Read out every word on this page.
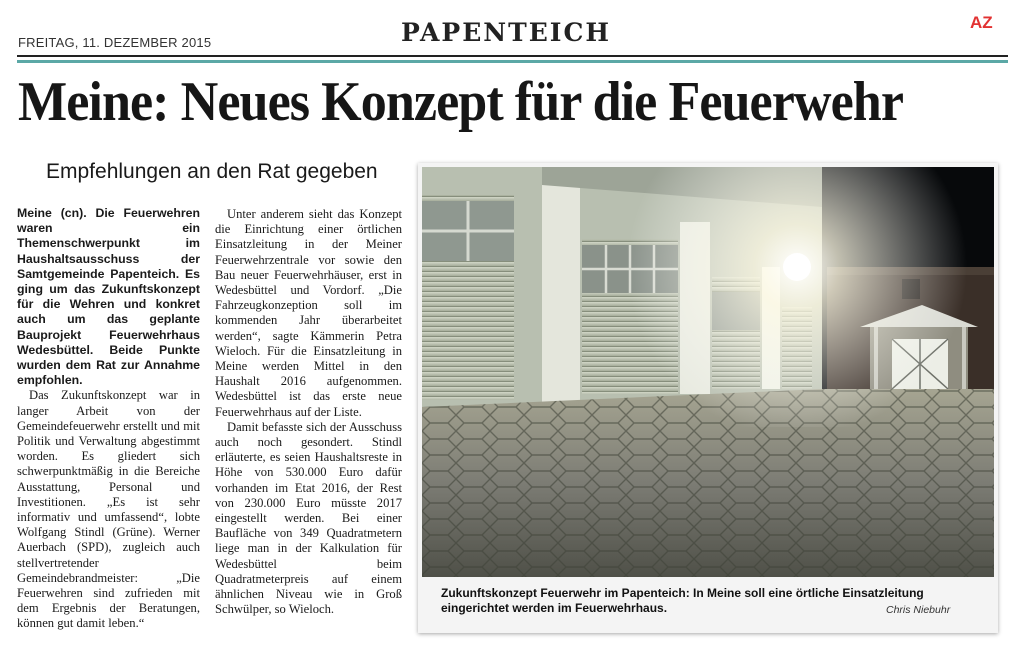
FREITAG, 11. DEZEMBER 2015	PAPENTEICH	AZ
Meine: Neues Konzept für die Feuerwehr
Empfehlungen an den Rat gegeben

Meine (cn). Die Feuerwehren waren ein Themenschwerpunkt im Haushaltsausschuss der Samtgemeinde Papenteich. Es ging um das Zukunftskonzept für die Wehren und konkret auch um das geplante Bauprojekt Feuerwehrhaus Wedesbüttel. Beide Punkte wurden dem Rat zur Annahme empfohlen.

Das Zukunftskonzept war in langer Arbeit von der Gemeindefeuerwehr erstellt und mit Politik und Verwaltung abgestimmt worden. Es gliedert sich schwerpunktmäßig in die Bereiche Ausstattung, Personal und Investitionen. „Es ist sehr informativ und umfassend“, lobte Wolfgang Stindl (Grüne). Werner Auerbach (SPD), zugleich auch stellvertretender Gemeindebrandmeister: „Die Feuerwehren sind zufrieden mit dem Ergebnis der Beratungen, können gut damit leben.“

Unter anderem sieht das Konzept die Einrichtung einer örtlichen Einsatzleitung in der Meiner Feuerwehrzentrale vor sowie den Bau neuer Feuerwehrhäuser, erst in Wedesbüttel und Vordorf. „Die Fahrzeugkonzeption soll im kommenden Jahr überarbeitet werden“, sagte Kämmerin Petra Wieloch. Für die Einsatzleitung in Meine werden Mittel in den Haushalt 2016 aufgenommen. Wedesbüttel ist das erste neue Feuerwehrhaus auf der Liste.

Damit befasste sich der Ausschuss auch noch gesondert. Stindl erläuterte, es seien Haushaltsreste in Höhe von 530.000 Euro dafür vorhanden im Etat 2016, der Rest von 230.000 Euro müsste 2017 eingestellt werden. Bei einer Baufläche von 349 Quadratmetern liege man in der Kalkulation für Wedesbüttel beim Quadratmeterpreis auf einem ähnlichen Niveau wie in Groß Schwülper, so Wieloch.

Zukunftskonzept Feuerwehr im Papenteich: In Meine soll eine örtliche Einsatzleitung eingerichtet werden im Feuerwehrhaus.	Chris Niebuhr
